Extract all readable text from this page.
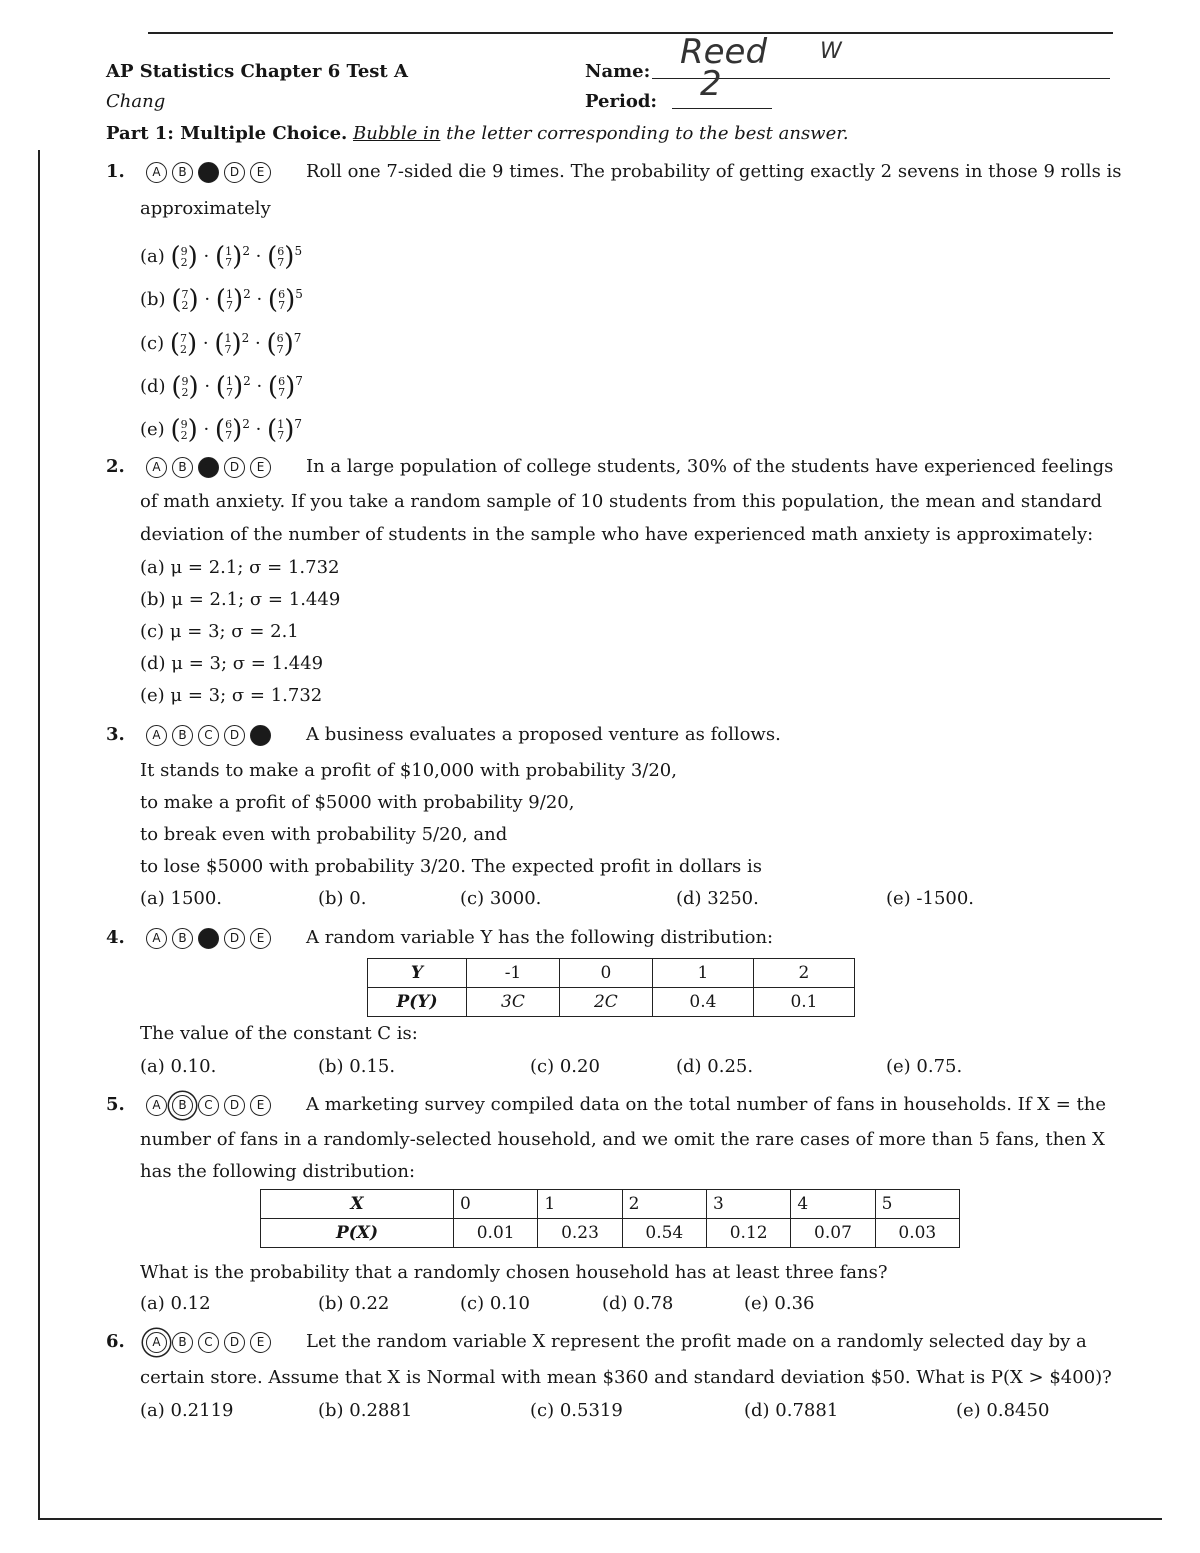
AP Statistics Chapter 6 Test A
Chang
Name: Reed W
Period: 2
Part 1: Multiple Choice. Bubble in the letter corresponding to the best answer.
1.	A	B	C	D	E	Roll one 7-sided die 9 times. The probability of getting exactly 2 sevens in those 9 rolls is
approximately
(a) ( 9
2 ) · ( 1
7 )$^2$ · ( 6
7 )$^5$
(b) ( 7
2 ) · ( 1
7 )$^2$ · ( 6
7 )$^5$
(c) ( 7
2 ) · ( 1
7 )$^2$ · ( 6
7 )$^7$
(d) ( 9
2 ) · ( 1
7 )$^2$ · ( 6
7 )$^7$
(e) ( 9
2 ) · ( 6
7 )$^2$ · ( 1
7 )$^7$
2.	A	B	C	D	E	In a large population of college students, 30% of the students have experienced feelings
of math anxiety. If you take a random sample of 10 students from this population, the mean and standard
deviation of the number of students in the sample who have experienced math anxiety is approximately:
(a) μ = 2.1; σ = 1.732
(b) μ = 2.1; σ = 1.449
(c) μ = 3; σ = 2.1
(d) μ = 3; σ = 1.449
(e) μ = 3; σ = 1.732
3.	A	B	C	D	E	A business evaluates a proposed venture as follows.
It stands to make a profit of $10,000 with probability 3/20,
to make a profit of $5000 with probability 9/20,
to break even with probability 5/20, and
to lose $5000 with probability 3/20. The expected profit in dollars is
(a) 1500.	(b) 0.	(c) 3000.	(d) 3250.	(e) -1500.
4.	A	B	C	D	E	A random variable Y has the following distribution:
Y	-1	0	1	2
P(Y)	3C	2C	0.4	0.1
The value of the constant C is:
(a) 0.10.	(b) 0.15.	(c) 0.20	(d) 0.25.	(e) 0.75.
5.	A	B	C	D	E	A marketing survey compiled data on the total number of fans in households. If X = the
number of fans in a randomly-selected household, and we omit the rare cases of more than 5 fans, then X
has the following distribution:
X	0	1	2	3	4	5
P(X)	0.01	0.23	0.54	0.12	0.07	0.03
What is the probability that a randomly chosen household has at least three fans?
(a) 0.12	(b) 0.22	(c) 0.10	(d) 0.78	(e) 0.36
6.	A	B	C	D	E	Let the random variable X represent the profit made on a randomly selected day by a
certain store. Assume that X is Normal with mean $360 and standard deviation $50. What is P(X > $400)?
(a) 0.2119	(b) 0.2881	(c) 0.5319	(d) 0.7881	(e) 0.8450
